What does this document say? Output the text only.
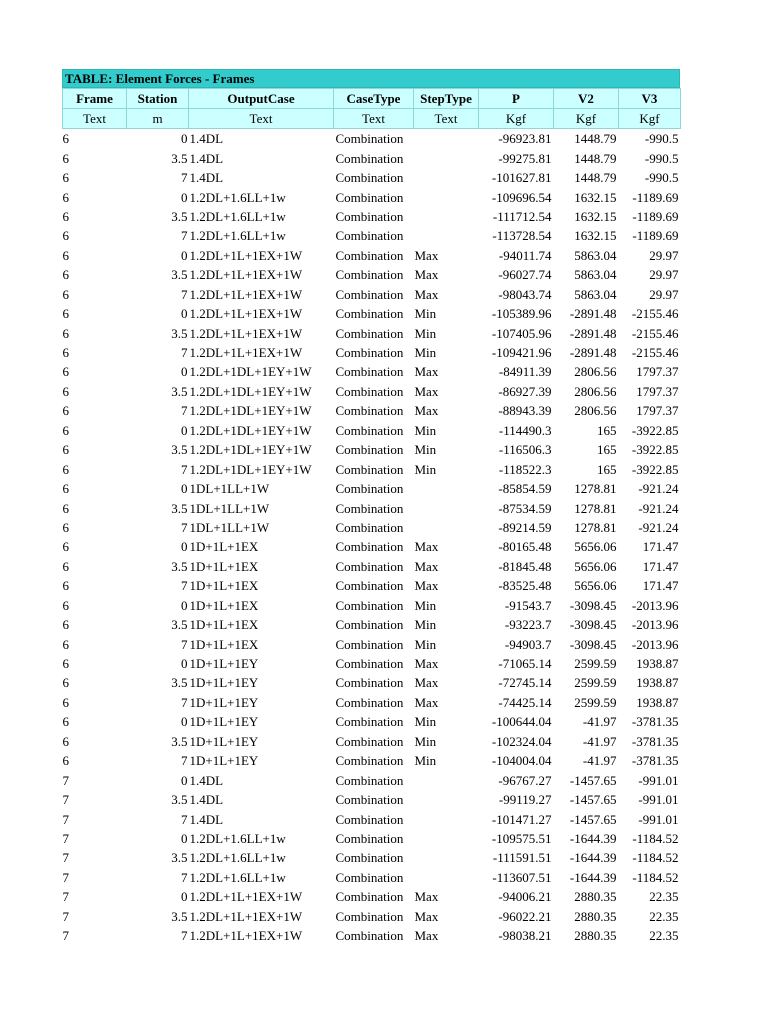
TABLE: Element Forces - Frames
Frame	Station	OutputCase	CaseType	StepType	P	V2	V3
Text	m	Text	Text	Text	Kgf	Kgf	Kgf
6	0	1.4DL	Combination		-96923.81	1448.79	-990.5
6	3.5	1.4DL	Combination		-99275.81	1448.79	-990.5
6	7	1.4DL	Combination		-101627.81	1448.79	-990.5
6	0	1.2DL+1.6LL+1w	Combination		-109696.54	1632.15	-1189.69
6	3.5	1.2DL+1.6LL+1w	Combination		-111712.54	1632.15	-1189.69
6	7	1.2DL+1.6LL+1w	Combination		-113728.54	1632.15	-1189.69
6	0	1.2DL+1L+1EX+1W	Combination	Max	-94011.74	5863.04	29.97
6	3.5	1.2DL+1L+1EX+1W	Combination	Max	-96027.74	5863.04	29.97
6	7	1.2DL+1L+1EX+1W	Combination	Max	-98043.74	5863.04	29.97
6	0	1.2DL+1L+1EX+1W	Combination	Min	-105389.96	-2891.48	-2155.46
6	3.5	1.2DL+1L+1EX+1W	Combination	Min	-107405.96	-2891.48	-2155.46
6	7	1.2DL+1L+1EX+1W	Combination	Min	-109421.96	-2891.48	-2155.46
6	0	1.2DL+1DL+1EY+1W	Combination	Max	-84911.39	2806.56	1797.37
6	3.5	1.2DL+1DL+1EY+1W	Combination	Max	-86927.39	2806.56	1797.37
6	7	1.2DL+1DL+1EY+1W	Combination	Max	-88943.39	2806.56	1797.37
6	0	1.2DL+1DL+1EY+1W	Combination	Min	-114490.3	165	-3922.85
6	3.5	1.2DL+1DL+1EY+1W	Combination	Min	-116506.3	165	-3922.85
6	7	1.2DL+1DL+1EY+1W	Combination	Min	-118522.3	165	-3922.85
6	0	1DL+1LL+1W	Combination		-85854.59	1278.81	-921.24
6	3.5	1DL+1LL+1W	Combination		-87534.59	1278.81	-921.24
6	7	1DL+1LL+1W	Combination		-89214.59	1278.81	-921.24
6	0	1D+1L+1EX	Combination	Max	-80165.48	5656.06	171.47
6	3.5	1D+1L+1EX	Combination	Max	-81845.48	5656.06	171.47
6	7	1D+1L+1EX	Combination	Max	-83525.48	5656.06	171.47
6	0	1D+1L+1EX	Combination	Min	-91543.7	-3098.45	-2013.96
6	3.5	1D+1L+1EX	Combination	Min	-93223.7	-3098.45	-2013.96
6	7	1D+1L+1EX	Combination	Min	-94903.7	-3098.45	-2013.96
6	0	1D+1L+1EY	Combination	Max	-71065.14	2599.59	1938.87
6	3.5	1D+1L+1EY	Combination	Max	-72745.14	2599.59	1938.87
6	7	1D+1L+1EY	Combination	Max	-74425.14	2599.59	1938.87
6	0	1D+1L+1EY	Combination	Min	-100644.04	-41.97	-3781.35
6	3.5	1D+1L+1EY	Combination	Min	-102324.04	-41.97	-3781.35
6	7	1D+1L+1EY	Combination	Min	-104004.04	-41.97	-3781.35
7	0	1.4DL	Combination		-96767.27	-1457.65	-991.01
7	3.5	1.4DL	Combination		-99119.27	-1457.65	-991.01
7	7	1.4DL	Combination		-101471.27	-1457.65	-991.01
7	0	1.2DL+1.6LL+1w	Combination		-109575.51	-1644.39	-1184.52
7	3.5	1.2DL+1.6LL+1w	Combination		-111591.51	-1644.39	-1184.52
7	7	1.2DL+1.6LL+1w	Combination		-113607.51	-1644.39	-1184.52
7	0	1.2DL+1L+1EX+1W	Combination	Max	-94006.21	2880.35	22.35
7	3.5	1.2DL+1L+1EX+1W	Combination	Max	-96022.21	2880.35	22.35
7	7	1.2DL+1L+1EX+1W	Combination	Max	-98038.21	2880.35	22.35
